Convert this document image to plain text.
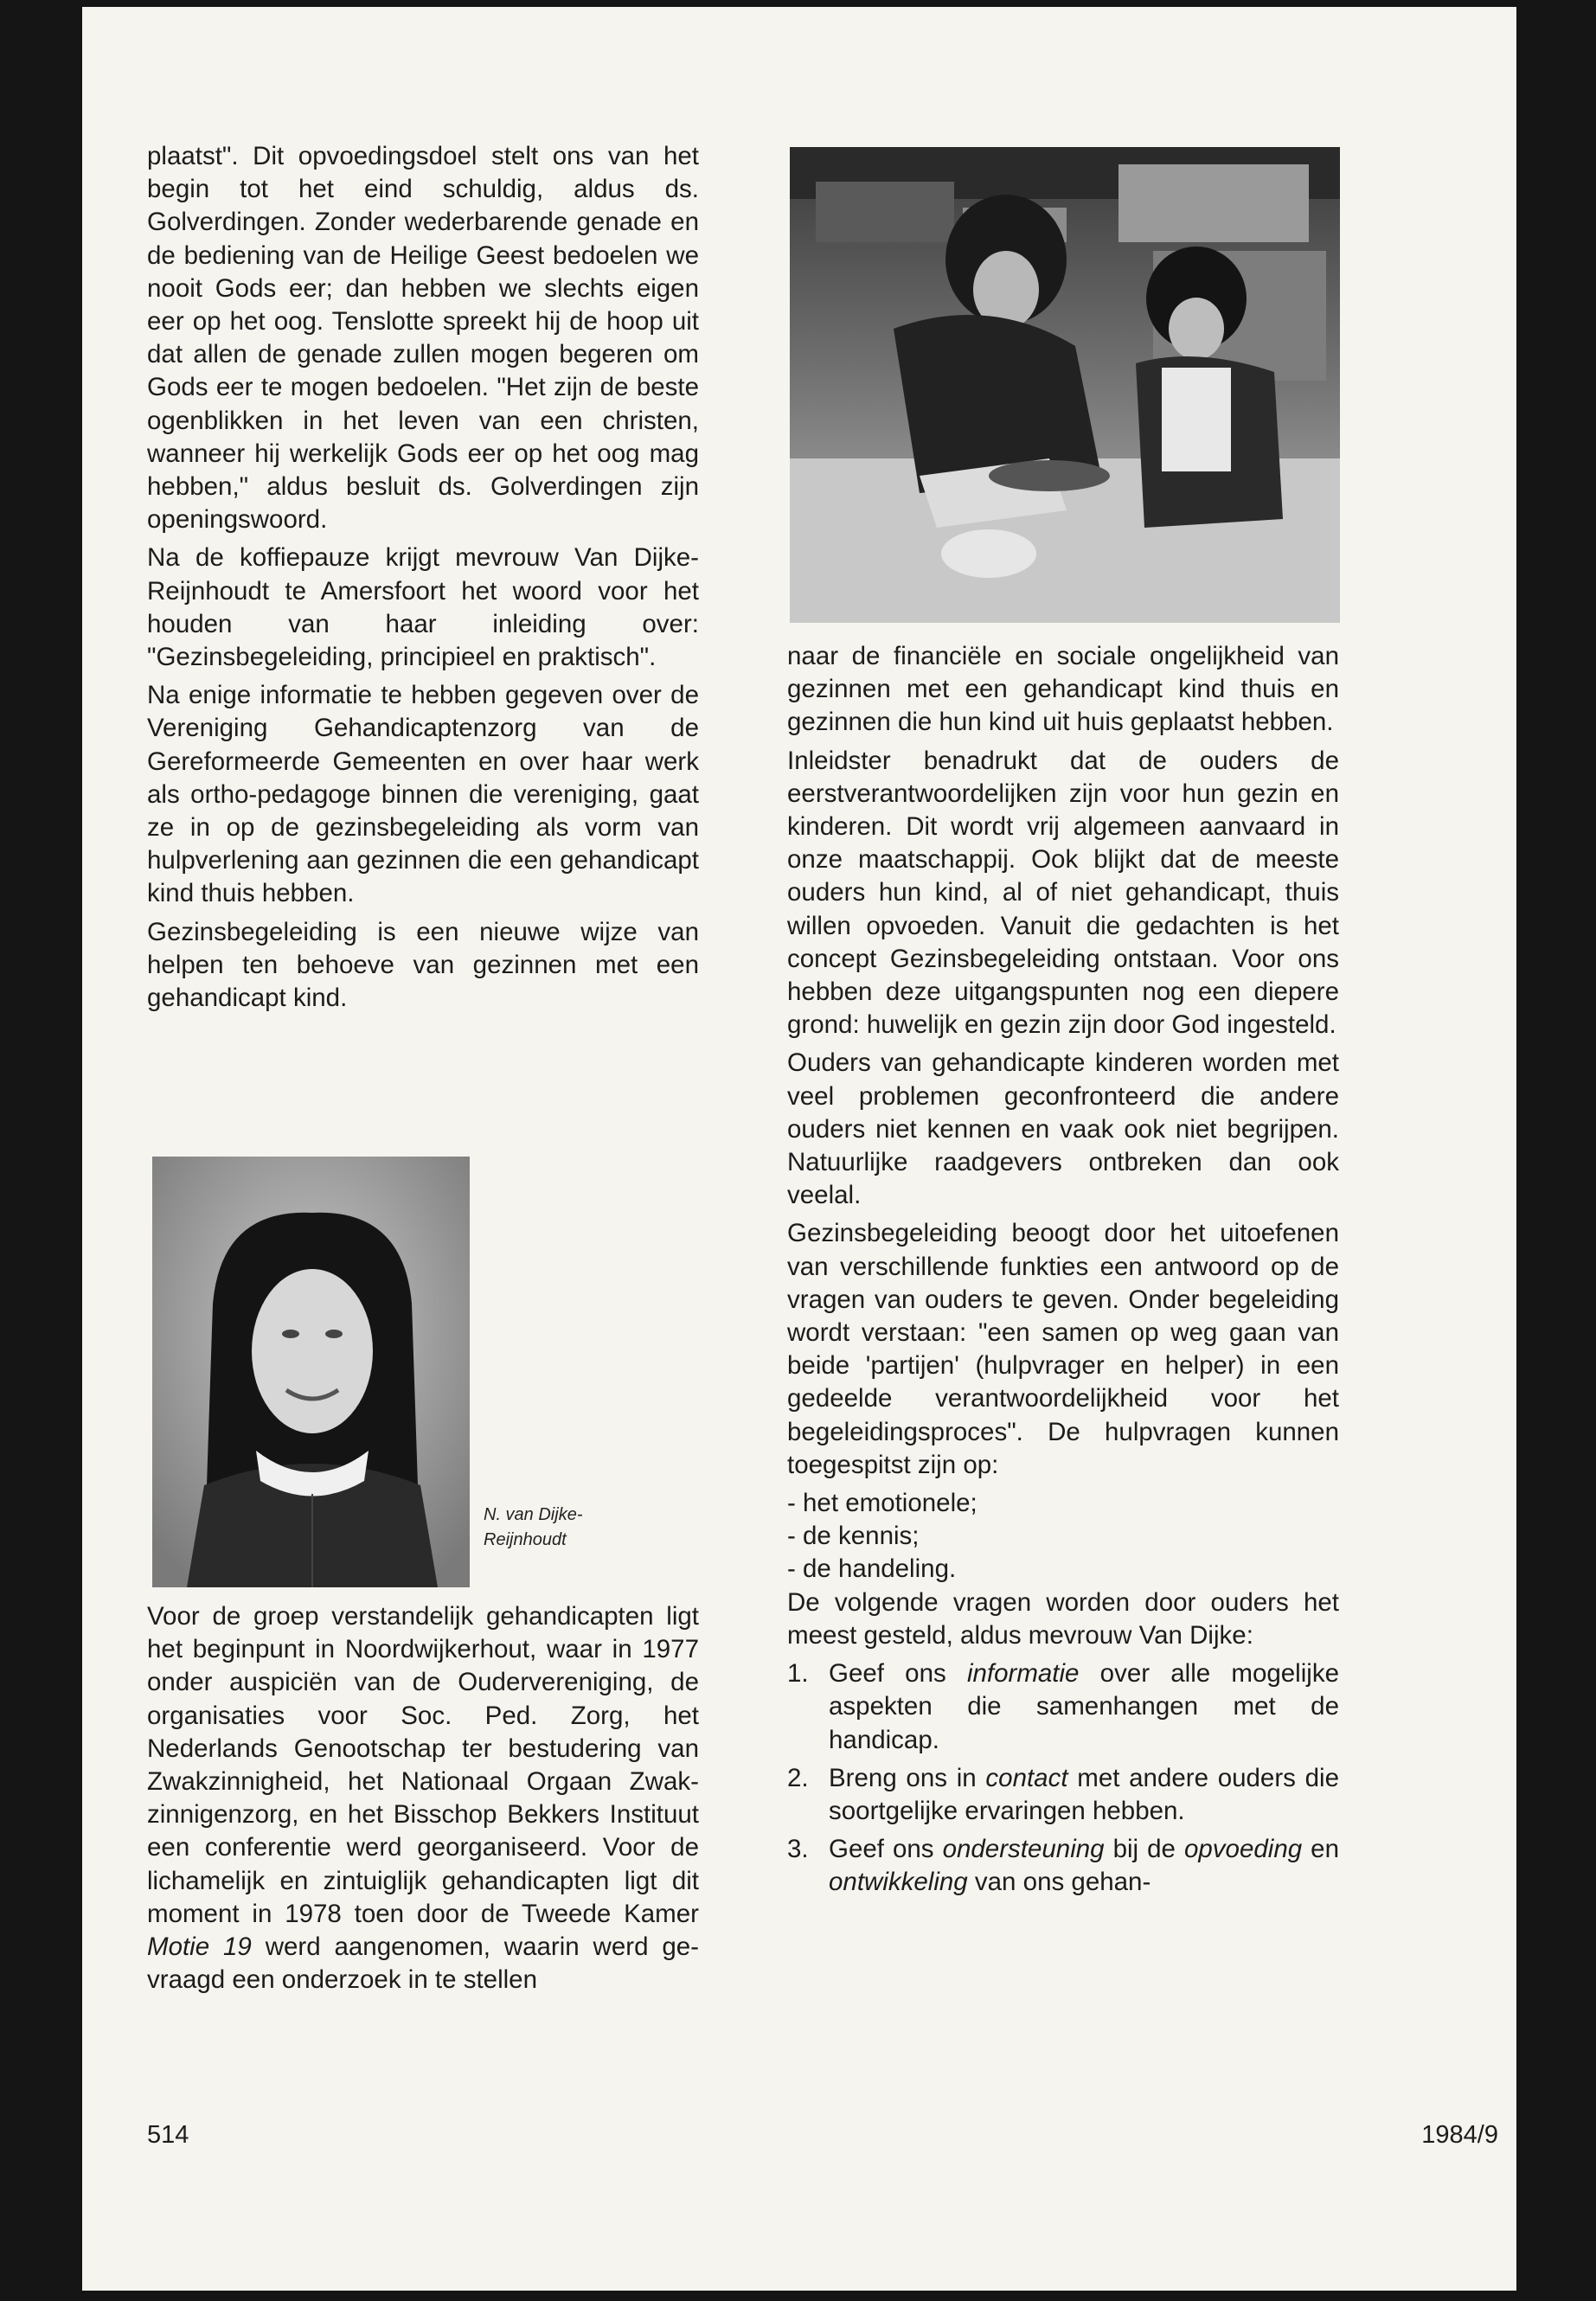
plaatst". Dit opvoedingsdoel stelt ons van het begin tot het eind schuldig, aldus ds. Golverdingen. Zonder wederbarende genade en de bediening van de Heilige Geest bedoelen we nooit Gods eer; dan hebben we slechts eigen eer op het oog. Tenslotte spreekt hij de hoop uit dat allen de genade zullen mogen begeren om Gods eer te mogen bedoelen. "Het zijn de beste ogenblikken in het leven van een christen, wanneer hij werkelijk Gods eer op het oog mag hebben," aldus besluit ds. Golverdingen zijn openingswoord.

Na de koffiepauze krijgt mevrouw Van Dijke-Reijnhoudt te Amersfoort het woord voor het houden van haar inleiding over: "Gezinsbegeleiding, principieel en praktisch".

Na enige informatie te hebben gegeven over de Vereniging Gehandicaptenzorg van de Gereformeerde Gemeenten en over haar werk als ortho-pedagoge binnen die vereniging, gaat ze in op de gezinsbegeleiding als vorm van hulpverlening aan gezinnen die een gehandicapt kind thuis hebben.

Gezinsbegeleiding is een nieuwe wijze van helpen ten behoeve van gezinnen met een gehandicapt kind.

naar de financiële en sociale ongelijkheid van gezinnen met een gehandicapt kind thuis en gezinnen die hun kind uit huis geplaatst hebben.

Inleidster benadrukt dat de ouders de eerstverantwoordelijken zijn voor hun gezin en kinderen. Dit wordt vrij algemeen aanvaard in onze maatschappij. Ook blijkt dat de meeste ouders hun kind, al of niet gehandicapt, thuis willen opvoeden. Vanuit die gedachten is het concept Gezinsbegeleiding ontstaan. Voor ons hebben deze uitgangspunten nog een diepere grond: huwelijk en gezin zijn door God ingesteld.

Ouders van gehandicapte kinderen worden met veel problemen geconfronteerd die andere ouders niet kennen en vaak ook niet begrijpen. Natuurlijke raadgevers ontbreken dan ook veelal.

Gezinsbegeleiding beoogt door het uitoefenen van verschillende funkties een antwoord op de vragen van ouders te geven. Onder begeleiding wordt verstaan: "een samen op weg gaan van beide 'partijen' (hulpvrager en helper) in een gedeelde verantwoordelijkheid voor het begeleidingsproces". De hulpvragen kunnen toegespitst zijn op:

- het emotionele;
- de kennis;
- de handeling.

De volgende vragen worden door ouders het meest gesteld, aldus mevrouw Van Dijke:

1. Geef ons informatie over alle mogelijke aspekten die samenhangen met de handicap.
2. Breng ons in contact met andere ouders die soortgelijke ervaringen hebben.
3. Geef ons ondersteuning bij de opvoeding en ontwikkeling van ons gehan-
N. van Dijke-Reijnhoudt

Voor de groep verstandelijk gehandicapten ligt het beginpunt in Noordwijkerhout, waar in 1977 onder auspiciën van de Oudervereniging, de organisaties voor Soc. Ped. Zorg, het Nederlands Genootschap ter bestudering van Zwakzinnigheid, het Nationaal Orgaan Zwakzinnigenzorg, en het Bisschop Bekkers Instituut een conferentie werd georganiseerd. Voor de lichamelijk en zintuiglijk gehandicapten ligt dit moment in 1978 toen door de Tweede Kamer Motie 19 werd aangenomen, waarin werd gevraagd een onderzoek in te stellen

514	1984/9
